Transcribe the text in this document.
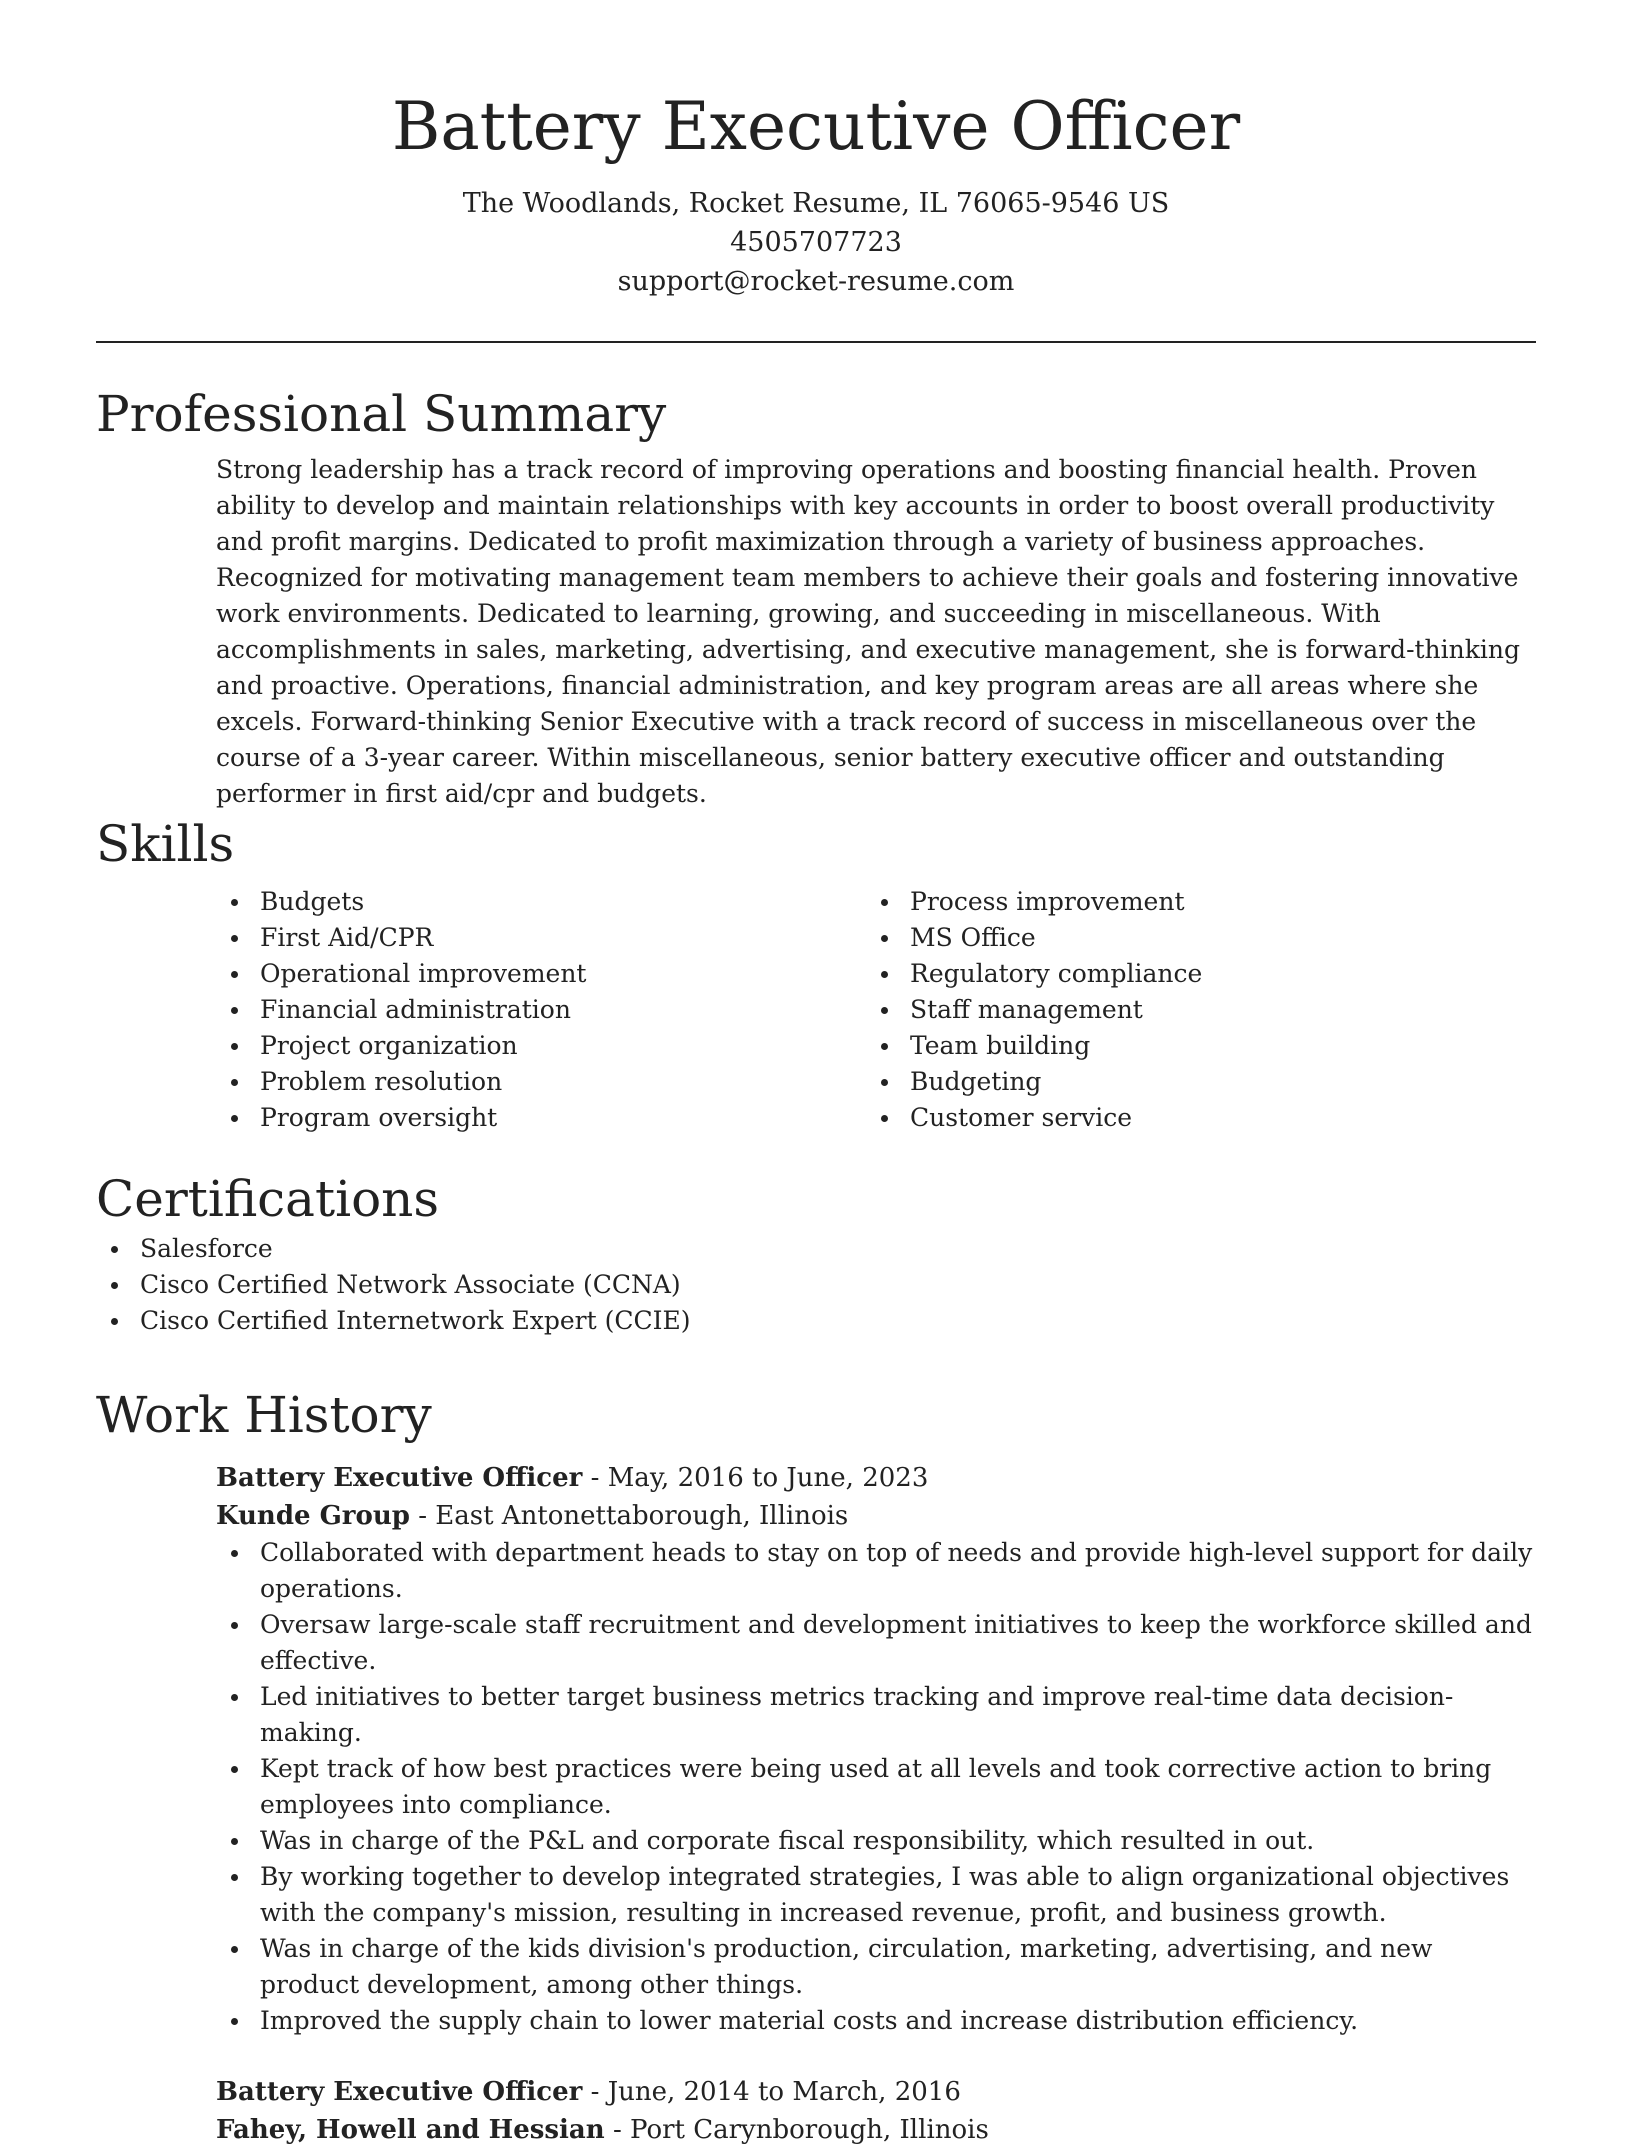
Battery Executive Officer
The Woodlands, Rocket Resume, IL 76065-9546 US
4505707723
support@rocket-resume.com
Professional Summary

Strong leadership has a track record of improving operations and boosting financial health. Proven ability to develop and maintain relationships with key accounts in order to boost overall productivity and profit margins. Dedicated to profit maximization through a variety of business approaches. Recognized for motivating management team members to achieve their goals and fostering innovative work environments. Dedicated to learning, growing, and succeeding in miscellaneous. With accomplishments in sales, marketing, advertising, and executive management, she is forward-thinking and proactive. Operations, financial administration, and key program areas are all areas where she excels. Forward-thinking Senior Executive with a track record of success in miscellaneous over the course of a 3-year career. Within miscellaneous, senior battery executive officer and outstanding performer in first aid/cpr and budgets.

Skills
Budgets
First Aid/CPR
Operational improvement
Financial administration
Project organization
Problem resolution
Program oversight
Process improvement
MS Office
Regulatory compliance
Staff management
Team building
Budgeting
Customer service
Certifications
Salesforce
Cisco Certified Network Associate (CCNA)
Cisco Certified Internetwork Expert (CCIE)
Work History
Battery Executive Officer - May, 2016 to June, 2023
Kunde Group - East Antonettaborough, Illinois
Collaborated with department heads to stay on top of needs and provide high-level support for daily operations.
Oversaw large-scale staff recruitment and development initiatives to keep the workforce skilled and effective.
Led initiatives to better target business metrics tracking and improve real-time data decision-making.
Kept track of how best practices were being used at all levels and took corrective action to bring employees into compliance.
Was in charge of the P&L and corporate fiscal responsibility, which resulted in out.
By working together to develop integrated strategies, I was able to align organizational objectives with the company's mission, resulting in increased revenue, profit, and business growth.
Was in charge of the kids division's production, circulation, marketing, advertising, and new product development, among other things.
Improved the supply chain to lower material costs and increase distribution efficiency.
Battery Executive Officer - June, 2014 to March, 2016
Fahey, Howell and Hessian - Port Carynborough, Illinois
